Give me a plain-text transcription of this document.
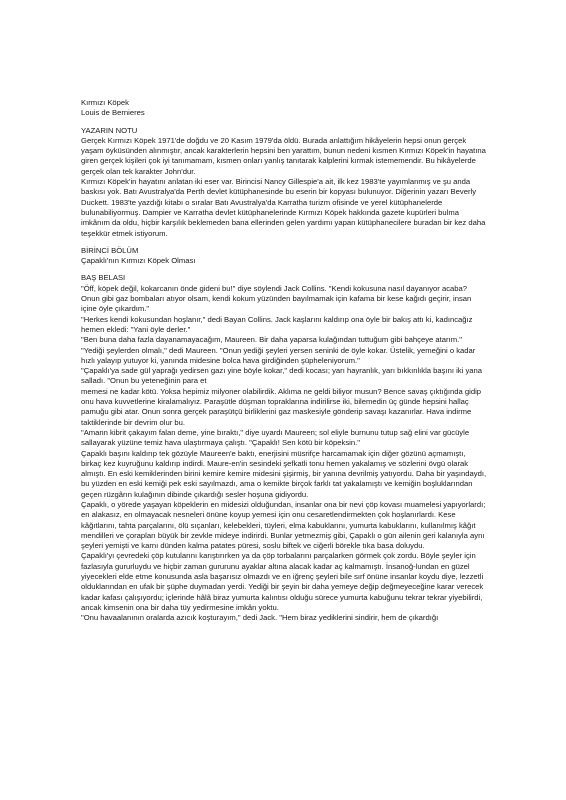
Kırmızı Köpek

Louis de Bernieres

YAZARIN NOTU

Gerçek Kırmızı Köpek 1971'de doğdu ve 20 Kasım 1979'da öldü. Burada anlattığım hikâyelerin hepsi onun gerçek yaşam öyküsünden alınmıştır, ancak karakterlerin hepsini ben yarattım, bunun nedeni kısmen Kırmızı Köpek'in hayatına giren gerçek kişileri çok iyi tanımamam, kısmen onları yanlış tanıtarak kalplerini kırmak istememendir. Bu hikâyelerde gerçek olan tek karakter John'dur.

Kırmızı Köpek'in hayatını anlatan iki eser var. Birincisi Nancy Gillespie'a ait, ilk kez 1983'te yayımlanmış ve şu anda baskısı yok. Batı Avustralya'da Perth devlet kütüphanesinde bu eserin bir kopyası bulunuyor. Diğerinin yazarı Beverly Duckett. 1983'te yazdığı kitabı o sıralar Batı Avustralya'da Karratha turizm ofisinde ve yerel kütüphanelerde bulunabiliyormuş. Dampier ve Karratha devlet kütüphanelerinde Kırmızı Köpek hakkında gazete kupürleri bulma imkânım da oldu, hiçbir karşılık beklemeden bana ellerinden gelen yardımı yapan kütüphanecilere buradan bir kez daha teşekkür etmek istiyorum.

BİRİNCİ BÖLÜM

Çapaklı'nın Kırmızı Köpek Olması

BAŞ BELASI

"Öff, köpek değil, kokarcanın önde gideni bu!" diye söylendi Jack Collins. "Kendi kokusuna nasıl dayanıyor acaba? Onun gibi gaz bombaları atıyor olsam, kendi kokum yüzünden bayılmamak için kafama bir kese kağıdı geçirir, insan içine öyle çıkardım."

"Herkes kendi kokusundan hoşlanır," dedi Bayan Collins. Jack kaşlarını kaldırıp ona öyle bir bakış attı ki, kadıncağız hemen ekledi: "Yani öyle derler."

"Ben buna daha fazla dayanamayacağım, Maureen. Bir daha yaparsa kulağından tuttuğum gibi bahçeye atarım."

"Yediği şeylerden olmalı," dedi Maureen. "Onun yediği şeyleri yersen seninki de öyle kokar. Üstelik, yemeğini o kadar hızlı yalayıp yutuyor ki, yanında midesine bolca hava girdiğinden şüpheleniyorum."

"Çapaklı'ya sade gül yaprağı yedirsen gazı yine böyle kokar," dedi kocası; yarı hayranlık, yarı bıkkınlıkla başını iki yana salladı. "Onun bu yeteneğinin para et

memesi ne kadar kötü. Yoksa hepimiz milyoner olabilirdik. Aklıma ne geldi biliyor musun? Bence savaş çıktığında gidip onu hava kuvvetlerine kiralamalıyız. Paraşütle düşman topraklarına indirilirse iki, bilemedin üç günde hepsini hallaç pamuğu gibi atar. Onun sonra gerçek paraşütçü birliklerini gaz maskesiyle gönderip savaşı kazanırlar. Hava indirme taktiklerinde bir devrim olur bu.

"Amann kibrit çakayım falan deme, yine bıraktı," diye uyardı Maureen; sol eliyle burnunu tutup sağ elini var gücüyle sallayarak yüzüne temiz hava ulaştırmaya çalıştı. "Çapaklı! Sen kötü bir köpeksin."

Çapaklı başını kaldırıp tek gözüyle Maureen'e baktı, enerjisini müsrifçe harcamamak için diğer gözünü açmamıştı, birkaç kez kuyruğunu kaldırıp indirdi. Maure-en'in sesindeki şefkatli tonu hemen yakalamış ve sözlerini övgü olarak almıştı. En eski kemiklerinden birini kemire kemire midesini şişirmiş, bir yanına devrilmiş yatıyordu. Daha bir yaşındaydı, bu yüzden en eski kemiği pek eski sayılmazdı, ama o kemikte birçok farklı tat yakalamıştı ve kemiğin boşluklarından geçen rüzgârın kulağının dibinde çıkardığı sesler hoşuna gidiyordu.

Çapaklı, o yörede yaşayan köpeklerin en midesizi olduğundan, insanlar ona bir nevi çöp kovası muamelesi yapıyorlardı; en alakasız, en olmayacak nesneleri önüne koyup yemesi için onu cesaretlendirmekten çok hoşlanırlardı. Kese kâğıtlarını, tahta parçalarını, ölü sıçanları, kelebekleri, tüyleri, elma kabuklarını, yumurta kabuklarını, kullanılmış kâğıt mendilleri ve çorapları büyük bir zevkle mideye indirirdi. Bunlar yetmezmiş gibi, Çapaklı o gün ailenin geri kalanıyla aynı şeyleri yemişti ve karnı dünden kalma patates püresi, soslu biftek ve ciğerli börekle tıka basa doluydu.

Çapaklı'yı çevredeki çöp kutularını karıştırırken ya da çöp torbalarını parçalarken görmek çok zordu. Böyle şeyler için fazlasıyla gururluydu ve hiçbir zaman gururunu ayaklar altına alacak kadar aç kalmamıştı. İnsanoğ-lundan en güzel yiyecekleri elde etme konusunda asla başarısız olmazdı ve en iğrenç şeyleri bile sırf önüne insanlar koydu diye, lezzetli olduklarından en ufak bir şüphe duymadan yerdi. Yediği bir şeyin bir daha yemeye değip değmeyeceğine karar verecek kadar kafası çalışıyordu; içlerinde hâlâ biraz yumurta kalıntısı olduğu sürece yumurta kabuğunu tekrar tekrar yiyebilirdi, ancak kimsenin ona bir daha tüy yedirmesine imkân yoktu.

"Onu havaalanının oralarda azıcık koşturayım," dedi Jack. "Hem biraz yediklerini sindirir, hem de çıkardığı
